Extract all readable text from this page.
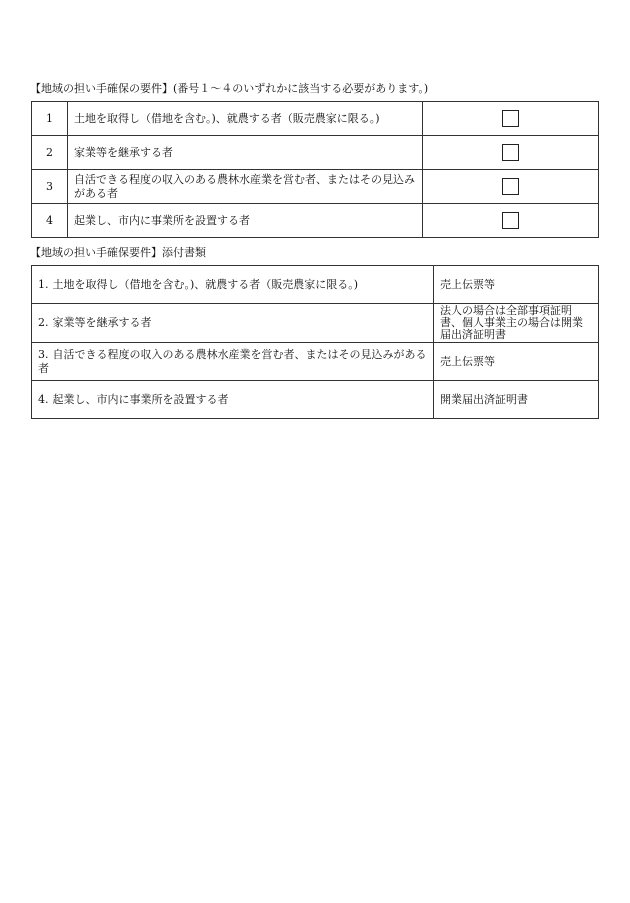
【地域の担い手確保の要件】(番号１～４のいずれかに該当する必要があります。)
1	土地を取得し（借地を含む。)、就農する者（販売農家に限る。)	
2	家業等を継承する者	
3	自活できる程度の収入のある農林水産業を営む者、またはその見込みがある者	
4	起業し、市内に事業所を設置する者	
【地域の担い手確保要件】添付書類
1. 土地を取得し（借地を含む。)、就農する者（販売農家に限る。)	売上伝票等
2. 家業等を継承する者	法人の場合は全部事項証明書、個人事業主の場合は開業届出済証明書
3. 自活できる程度の収入のある農林水産業を営む者、またはその見込みがある者	売上伝票等
4. 起業し、市内に事業所を設置する者	開業届出済証明書
